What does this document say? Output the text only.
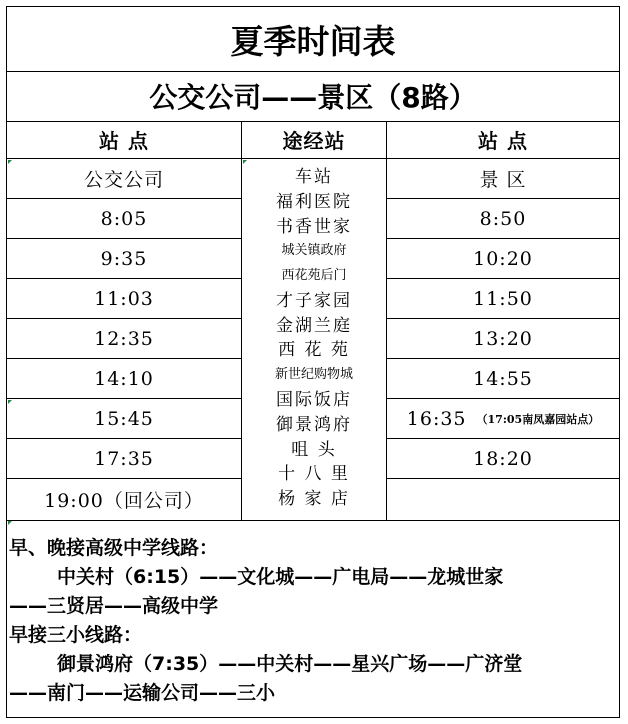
夏季时间表
公交公司——景区（8路）
站 点
公交公司
8:05
9:35
11:03
12:35
14:10
15:45
17:35
19:00（回公司）
途经站
车站
福利医院
书香世家
城关镇政府
西花苑后门
才子家园
金湖兰庭
西 花 苑
新世纪购物城
国际饭店
御景鸿府
咀 头
十 八 里
杨 家 店
站 点
景 区
8:50
10:20
11:50
13:20
14:55
16:35 （17:05南凤嘉园站点）
18:20
早、晚接高级中学线路：
中关村（6:15）——文化城——广电局——龙城世家
——三贤居——高级中学
早接三小线路：
御景鸿府（7:35）——中关村——星兴广场——广济堂
——南门——运输公司——三小
